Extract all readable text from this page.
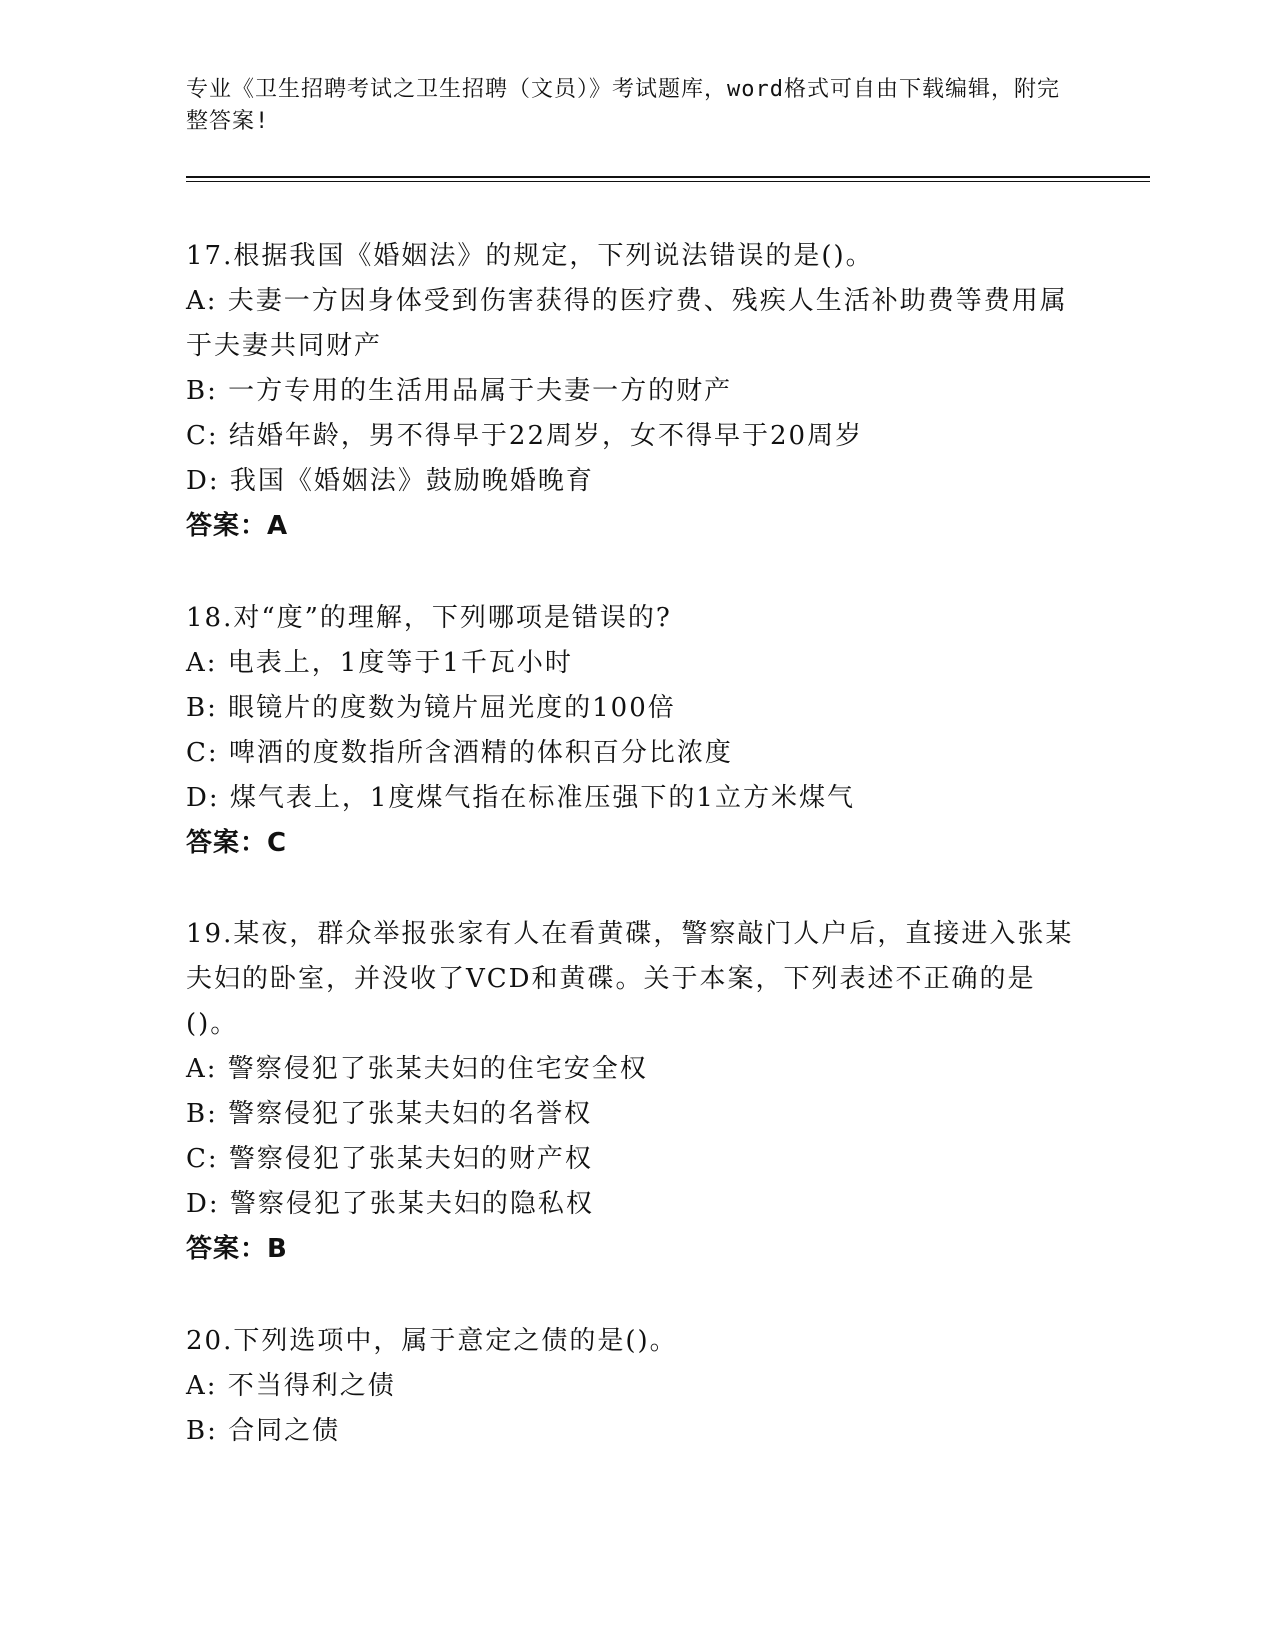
专业《卫生招聘考试之卫生招聘（文员）》考试题库，word格式可自由下载编辑，附完整答案!
17.根据我国《婚姻法》的规定，下列说法错误的是()。
A: 夫妻一方因身体受到伤害获得的医疗费、残疾人生活补助费等费用属于夫妻共同财产
B: 一方专用的生活用品属于夫妻一方的财产
C: 结婚年龄，男不得早于22周岁，女不得早于20周岁
D: 我国《婚姻法》鼓励晚婚晚育
答案：A
18.对“度”的理解，下列哪项是错误的?
A: 电表上，1度等于1千瓦小时
B: 眼镜片的度数为镜片屈光度的100倍
C: 啤酒的度数指所含酒精的体积百分比浓度
D: 煤气表上，1度煤气指在标准压强下的1立方米煤气
答案：C
19.某夜，群众举报张家有人在看黄碟，警察敲门人户后，直接进入张某夫妇的卧室，并没收了VCD和黄碟。关于本案，下列表述不正确的是()。
A: 警察侵犯了张某夫妇的住宅安全权
B: 警察侵犯了张某夫妇的名誉权
C: 警察侵犯了张某夫妇的财产权
D: 警察侵犯了张某夫妇的隐私权
答案：B
20.下列选项中，属于意定之债的是()。
A: 不当得利之债
B: 合同之债
